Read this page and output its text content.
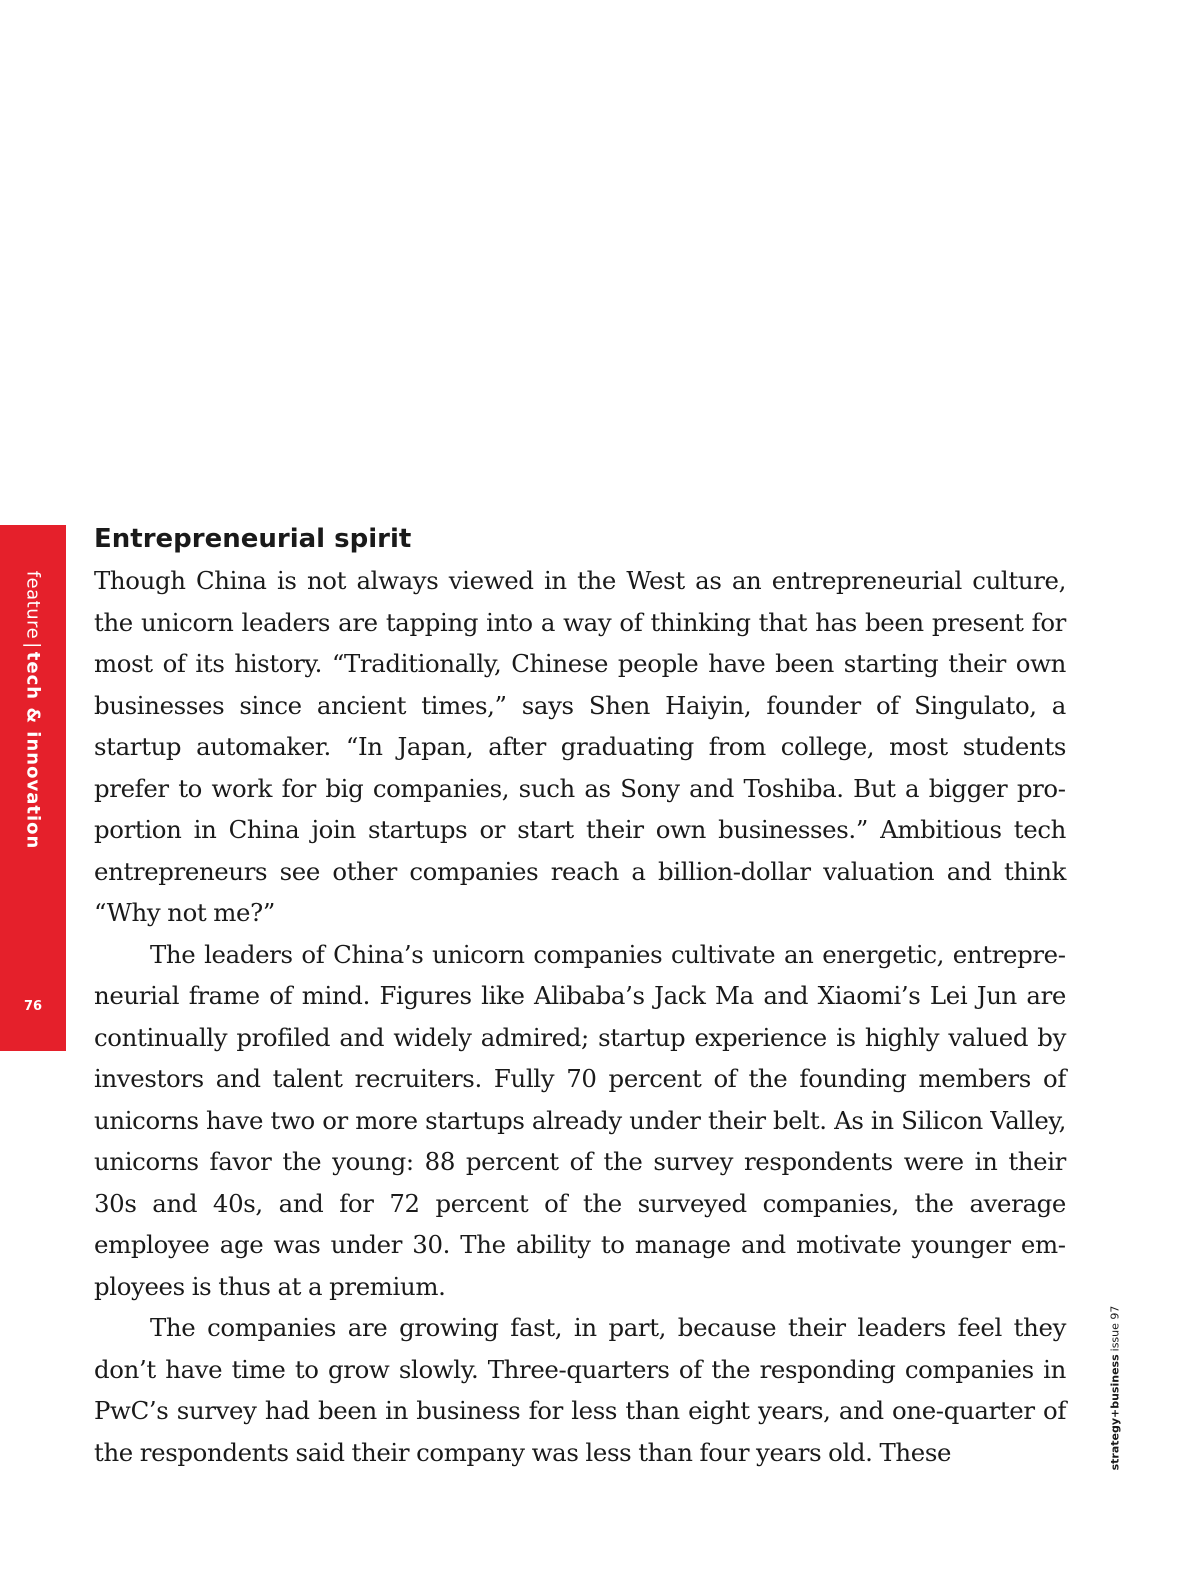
feature|tech & innovation
76
strategy+businessissue 97
Entrepreneurial spirit

Though China is not always viewed in the West as an entrepreneurial culture, the unicorn leaders are tapping into a way of thinking that has been present for most of its history. “Traditionally, Chinese people have been starting their own businesses since ancient times,” says Shen Haiyin, founder of Singulato, a startup automaker. “In Japan, after graduating from college, most students prefer to work for big companies, such as Sony and Toshiba. But a bigger proportion in China join startups or start their own businesses.” Ambitious tech entrepreneurs see other companies reach a billion-dollar valuation and think “Why not me?”

The leaders of China’s unicorn companies cultivate an energetic, entrepreneurial frame of mind. Figures like Alibaba’s Jack Ma and Xiaomi’s Lei Jun are continually profiled and widely admired; startup experience is highly valued by investors and talent recruiters. Fully 70 percent of the founding members of unicorns have two or more startups already under their belt. As in Silicon Valley, unicorns favor the young: 88 percent of the survey respondents were in their 30s and 40s, and for 72 percent of the surveyed companies, the average employee age was under 30. The ability to manage and motivate younger employees is thus at a premium.

The companies are growing fast, in part, because their leaders feel they don’t have time to grow slowly. Three-quarters of the responding companies in PwC’s survey had been in business for less than eight years, and one-quarter of the respondents said their company was less than four years old. These
